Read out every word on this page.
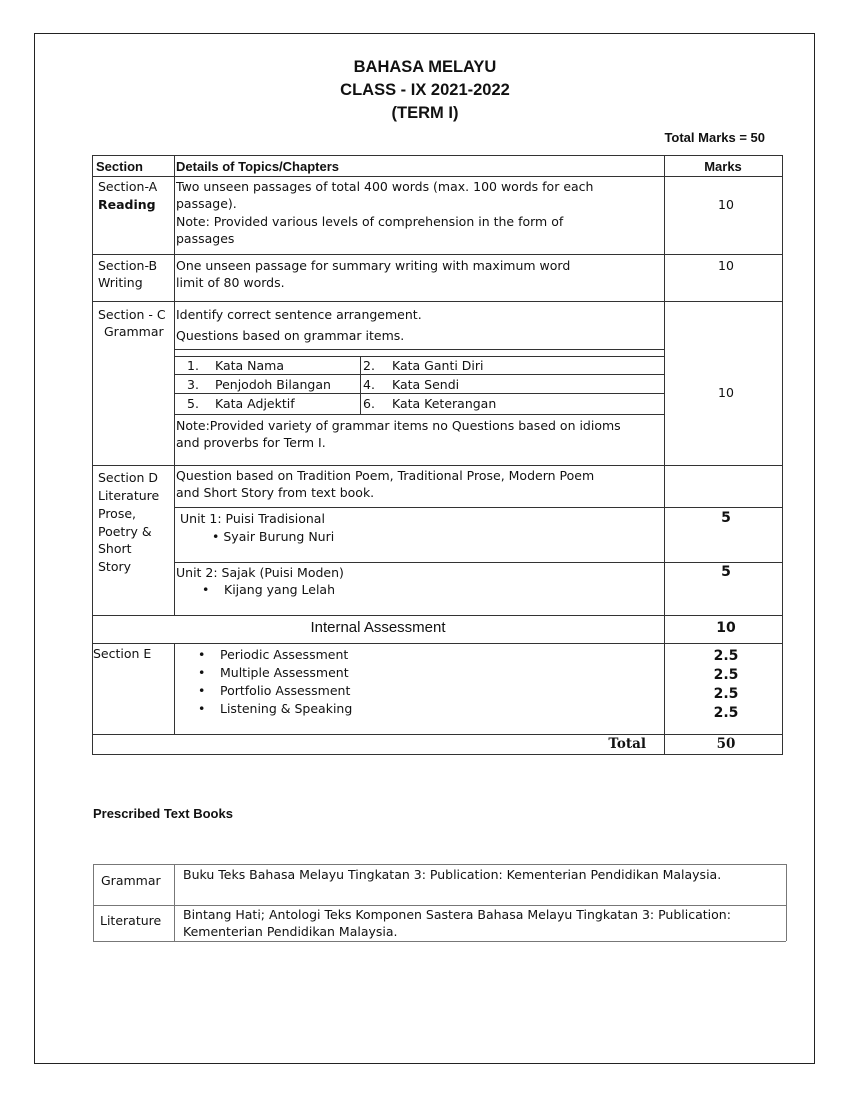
BAHASA MELAYU
CLASS - IX 2021-2022
(TERM I)
Total Marks = 50
Section	Details of Topics/Chapters	Marks
Section-A
Reading
Two unseen passages of total 400 words (max. 100 words for each
passage).
Note: Provided various levels of comprehension in the form of
passages
10
Section-B
Writing
One unseen passage for summary writing with maximum word
limit of 80 words.
10
Section - C
Grammar
Identify correct sentence arrangement.
Questions based on grammar items.
1. Kata Nama	2. Kata Ganti Diri
3. Penjodoh Bilangan	4. Kata Sendi
5. Kata Adjektif	6. Kata Keterangan
Note:Provided variety of grammar items no Questions based on idioms
and proverbs for Term I.
10
Section D
Literature
Prose,
Poetry &
Short
Story
Question based on Tradition Poem, Traditional Prose, Modern Poem
and Short Story from text book.
Unit 1: Puisi Tradisional
• Syair Burung Nuri
5
Unit 2: Sajak (Puisi Moden)
• Kijang yang Lelah
5
Internal Assessment	10
Section E
•	Periodic Assessment
• Multiple Assessment
• Portfolio Assessment
• Listening & Speaking
2.5
2.5
2.5
2.5
Total	50
Prescribed Text Books
Grammar Buku Teks Bahasa Melayu Tingkatan 3: Publication: Kementerian Pendidikan Malaysia.
Literature Bintang Hati; Antologi Teks Komponen Sastera Bahasa Melayu Tingkatan 3: Publication:
Kementerian Pendidikan Malaysia.
